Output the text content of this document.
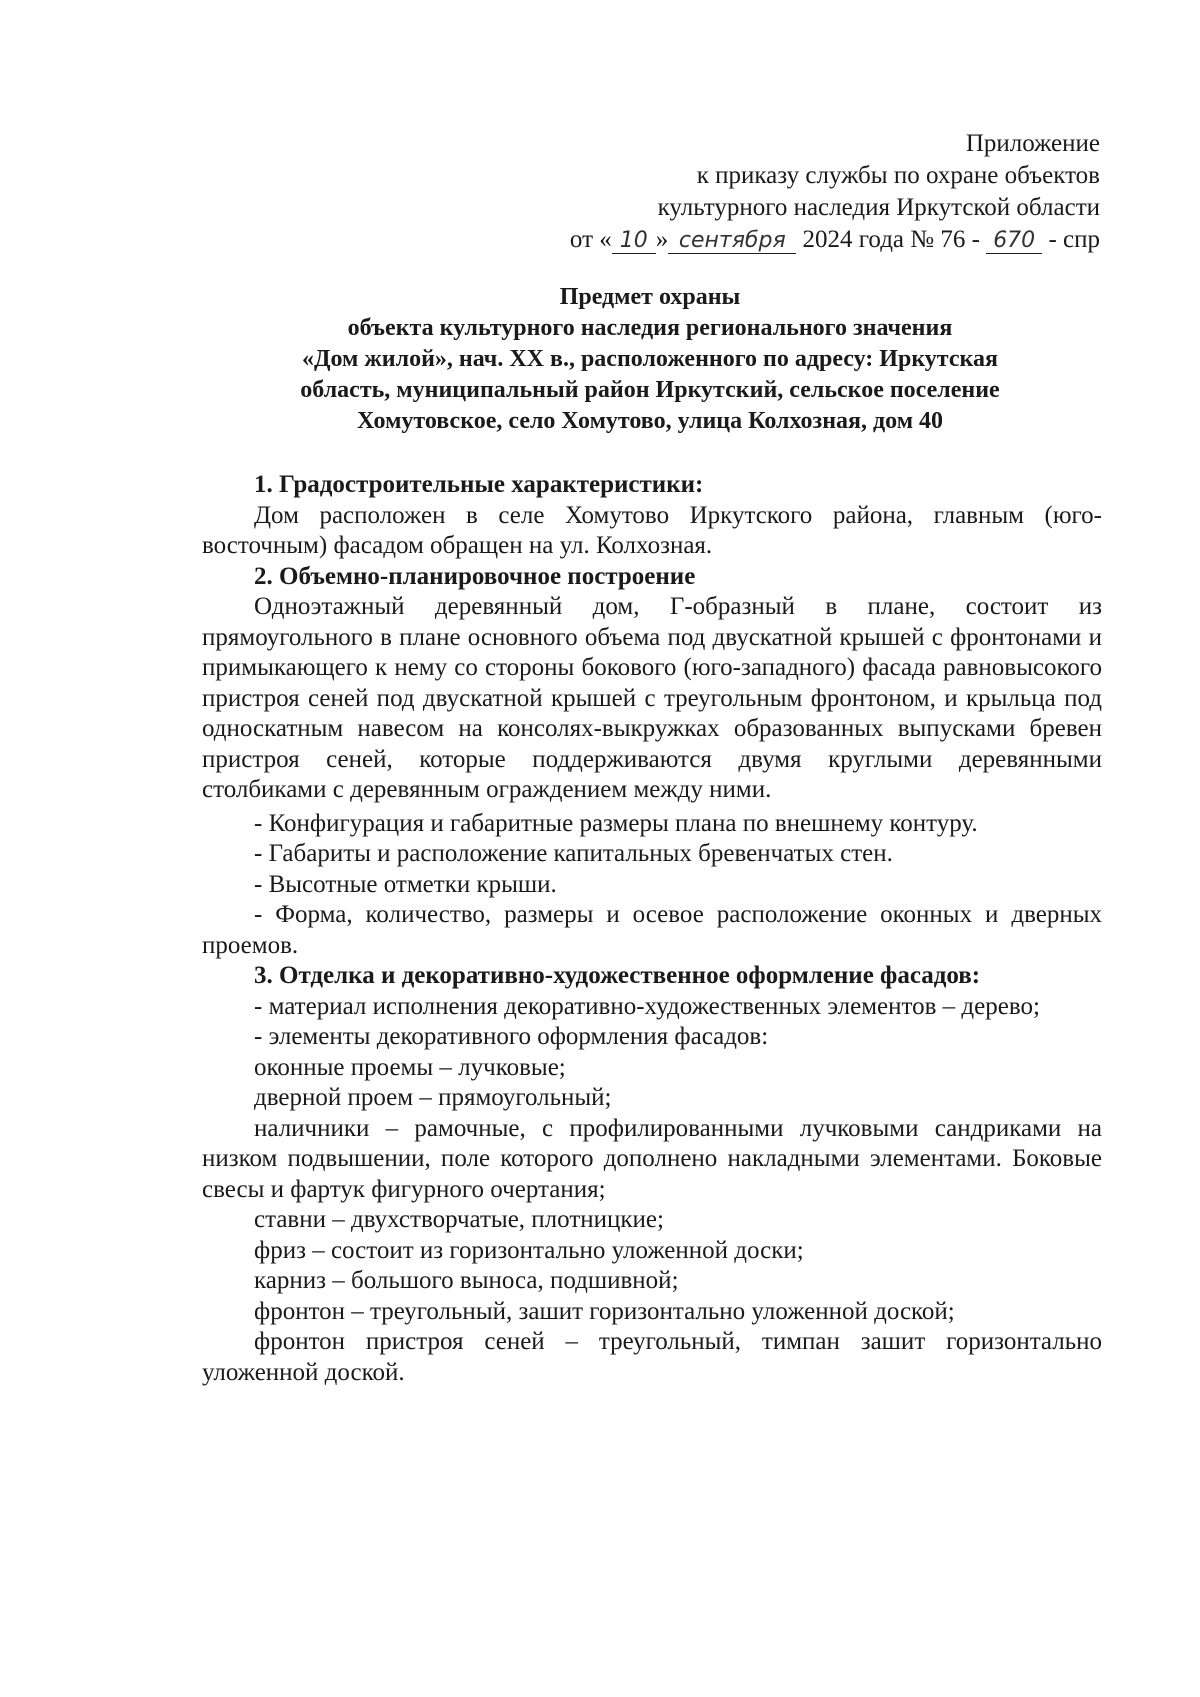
Приложение
к приказу службы по охране объектов
культурного наследия Иркутской области
от « 10 » сентября 2024 года № 76 - 670 - спр
Предмет охраны
объекта культурного наследия регионального значения
«Дом жилой», нач. XX в., расположенного по адресу: Иркутская
область, муниципальный район Иркутский, сельское поселение
Хомутовское, село Хомутово, улица Колхозная, дом 40
1. Градостроительные характеристики:

Дом расположен в селе Хомутово Иркутского района, главным (юго-восточным) фасадом обращен на ул. Колхозная.

2. Объемно-планировочное построение

Одноэтажный деревянный дом, Г-образный в плане, состоит из прямоугольного в плане основного объема под двускатной крышей с фронтонами и примыкающего к нему со стороны бокового (юго-западного) фасада равновысокого пристроя сеней под двускатной крышей с треугольным фронтоном, и крыльца под односкатным навесом на консолях-выкружках образованных выпусками бревен пристроя сеней, которые поддерживаются двумя круглыми деревянными столбиками с деревянным ограждением между ними.

- Конфигурация и габаритные размеры плана по внешнему контуру.

- Габариты и расположение капитальных бревенчатых стен.

- Высотные отметки крыши.

- Форма, количество, размеры и осевое расположение оконных и дверных проемов.

3. Отделка и декоративно-художественное оформление фасадов:

- материал исполнения декоративно-художественных элементов – дерево;

- элементы декоративного оформления фасадов:

оконные проемы – лучковые;

дверной проем – прямоугольный;

наличники – рамочные, с профилированными лучковыми сандриками на низком подвышении, поле которого дополнено накладными элементами. Боковые свесы и фартук фигурного очертания;

ставни – двухстворчатые, плотницкие;

фриз – состоит из горизонтально уложенной доски;

карниз – большого выноса, подшивной;

фронтон – треугольный, зашит горизонтально уложенной доской;

фронтон пристроя сеней – треугольный, тимпан зашит горизонтально уложенной доской.
